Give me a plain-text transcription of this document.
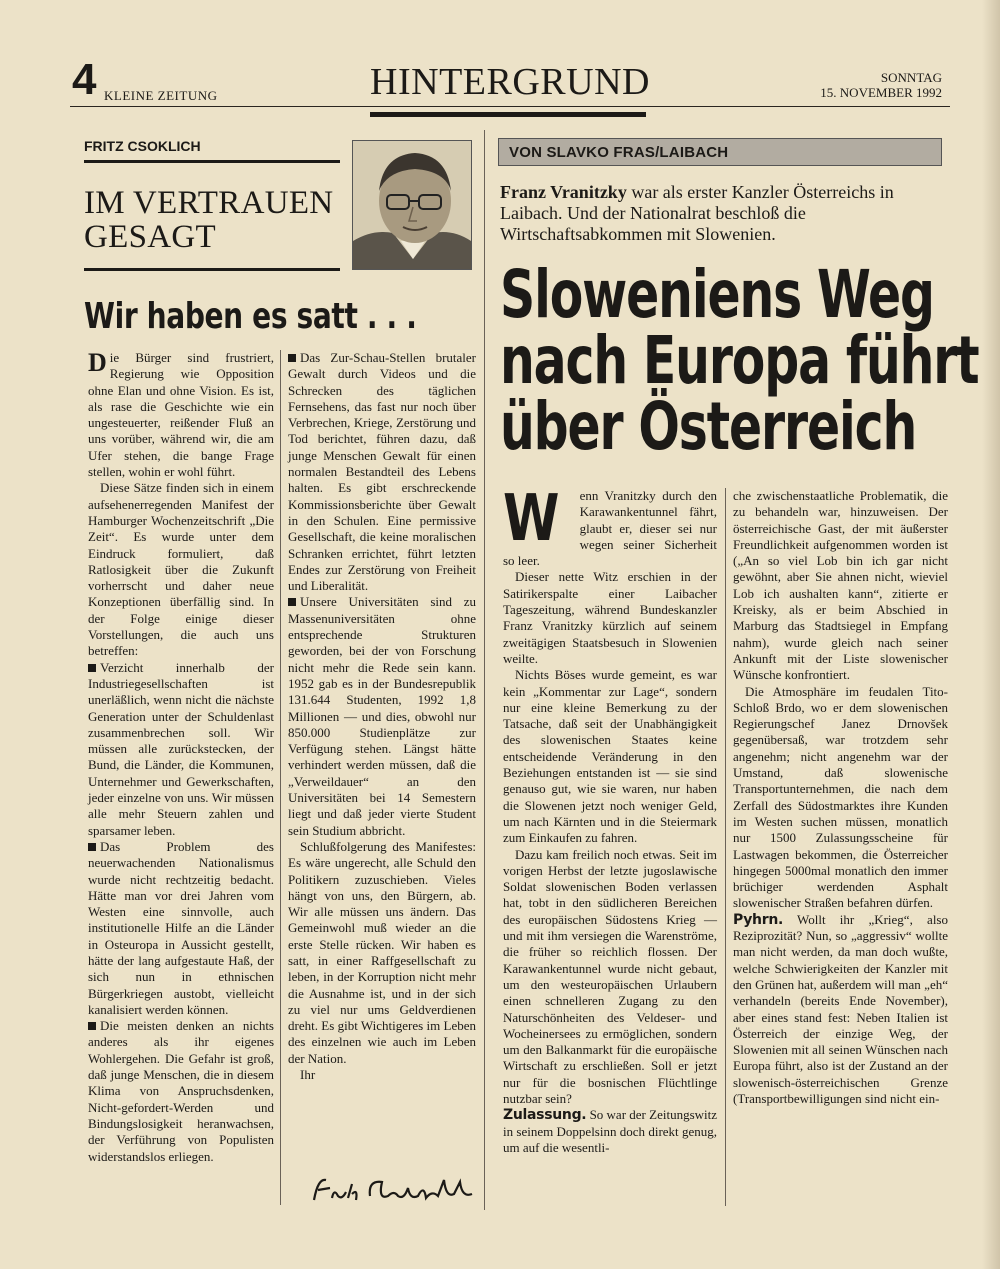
4 KLEINE ZEITUNG	HINTERGRUND	SONNTAG
15. NOVEMBER 1992
FRITZ CSOKLICH
IM VERTRAUEN
GESAGT
Wir haben es satt . . .

Die Bürger sind frustriert, Regierung wie Opposition ohne Elan und ohne Vision. Es ist, als rase die Geschichte wie ein ungesteuerter, reißender Fluß an uns vorüber, während wir, die am Ufer stehen, die bange Frage stellen, wohin er wohl führt.

Diese Sätze finden sich in einem aufsehenerregenden Manifest der Hamburger Wochenzeitschrift „Die Zeit“. Es wurde unter dem Eindruck formuliert, daß Ratlosigkeit über die Zukunft vorherrscht und daher neue Konzeptionen überfällig sind. In der Folge einige dieser Vorstellungen, die auch uns betreffen:

Verzicht innerhalb der Industriegesellschaften ist unerläßlich, wenn nicht die nächste Generation unter der Schuldenlast zusammenbrechen soll. Wir müssen alle zurückstecken, der Bund, die Länder, die Kommunen, Unternehmer und Gewerkschaften, jeder einzelne von uns. Wir müssen alle mehr Steuern zahlen und sparsamer leben.

Das Problem des neuerwachenden Nationalismus wurde nicht rechtzeitig bedacht. Hätte man vor drei Jahren vom Westen eine sinnvolle, auch institutionelle Hilfe an die Länder in Osteuropa in Aussicht gestellt, hätte der lang aufgestaute Haß, der sich nun in ethnischen Bürgerkriegen austobt, vielleicht kanalisiert werden können.

Die meisten denken an nichts anderes als ihr eigenes Wohlergehen. Die Gefahr ist groß, daß junge Menschen, die in diesem Klima von Anspruchsdenken, Nicht-gefordert-Werden und Bindungslosigkeit heranwachsen, der Verführung von Populisten widerstandslos erliegen.

Das Zur-Schau-Stellen brutaler Gewalt durch Videos und die Schrecken des täglichen Fernsehens, das fast nur noch über Verbrechen, Kriege, Zerstörung und Tod berichtet, führen dazu, daß junge Menschen Gewalt für einen normalen Bestandteil des Lebens halten. Es gibt erschreckende Kommissionsberichte über Gewalt in den Schulen. Eine permissive Gesellschaft, die keine moralischen Schranken errichtet, führt letzten Endes zur Zerstörung von Freiheit und Liberalität.

Unsere Universitäten sind zu Massenuniversitäten ohne entsprechende Strukturen geworden, bei der von Forschung nicht mehr die Rede sein kann. 1952 gab es in der Bundesrepublik 131.644 Studenten, 1992 1,8 Millionen — und dies, obwohl nur 850.000 Studienplätze zur Verfügung stehen. Längst hätte verhindert werden müssen, daß die „Verweildauer“ an den Universitäten bei 14 Semestern liegt und daß jeder vierte Student sein Studium abbricht.

Schlußfolgerung des Manifestes: Es wäre ungerecht, alle Schuld den Politikern zuzuschieben. Vieles hängt von uns, den Bürgern, ab. Wir alle müssen uns ändern. Das Gemeinwohl muß wieder an die erste Stelle rücken. Wir haben es satt, in einer Raffgesellschaft zu leben, in der Korruption nicht mehr die Ausnahme ist, und in der sich zu viel nur ums Geldverdienen dreht. Es gibt Wichtigeres im Leben des einzelnen wie auch im Leben der Nation.

Ihr

VON SLAVKO FRAS/LAIBACH
Franz Vranitzky war als erster Kanzler Österreichs in Laibach. Und der Nationalrat beschloß die Wirtschaftsabkommen mit Slowenien.
Sloweniens Weg
nach Europa führt
über Österreich

W enn Vranitzky durch den Karawankentunnel fährt, glaubt er, dieser sei nur wegen seiner Sicherheit so leer.

Dieser nette Witz erschien in der Satirikerspalte einer Laibacher Tageszeitung, während Bundeskanzler Franz Vranitzky kürzlich auf seinem zweitägigen Staatsbesuch in Slowenien weilte.

Nichts Böses wurde gemeint, es war kein „Kommentar zur Lage“, sondern nur eine kleine Bemerkung zu der Tatsache, daß seit der Unabhängigkeit des slowenischen Staates keine entscheidende Veränderung in den Beziehungen entstanden ist — sie sind genauso gut, wie sie waren, nur haben die Slowenen jetzt noch weniger Geld, um nach Kärnten und in die Steiermark zum Einkaufen zu fahren.

Dazu kam freilich noch etwas. Seit im vorigen Herbst der letzte jugoslawische Soldat slowenischen Boden verlassen hat, tobt in den südlicheren Bereichen des europäischen Südostens Krieg — und mit ihm versiegen die Warenströme, die früher so reichlich flossen. Der Karawankentunnel wurde nicht gebaut, um den westeuropäischen Urlaubern einen schnelleren Zugang zu den Naturschönheiten des Veldeser- und Wocheinersees zu ermöglichen, sondern um den Balkanmarkt für die europäische Wirtschaft zu erschließen. Soll er jetzt nur für die bosnischen Flüchtlinge nutzbar sein?

Zulassung. So war der Zeitungswitz in seinem Doppelsinn doch direkt genug, um auf die wesentli-

che zwischenstaatliche Problematik, die zu behandeln war, hinzuweisen. Der österreichische Gast, der mit äußerster Freundlichkeit aufgenommen worden ist („An so viel Lob bin ich gar nicht gewöhnt, aber Sie ahnen nicht, wieviel Lob ich aushalten kann“, zitierte er Kreisky, als er beim Abschied in Marburg das Stadtsiegel in Empfang nahm), wurde gleich nach seiner Ankunft mit der Liste slowenischer Wünsche konfrontiert.

Die Atmosphäre im feudalen Tito-Schloß Brdo, wo er dem slowenischen Regierungschef Janez Drnovšek gegenübersaß, war trotzdem sehr angenehm; nicht angenehm war der Umstand, daß slowenische Transportunternehmen, die nach dem Zerfall des Südostmarktes ihre Kunden im Westen suchen müssen, monatlich nur 1500 Zulassungsscheine für Lastwagen bekommen, die Österreicher hingegen 5000mal monatlich den immer brüchiger werdenden Asphalt slowenischer Straßen befahren dürfen.

Pyhrn. Wollt ihr „Krieg“, also Reziprozität? Nun, so „aggressiv“ wollte man nicht werden, da man doch wußte, welche Schwierigkeiten der Kanzler mit den Grünen hat, außerdem will man „eh“ verhandeln (bereits Ende November), aber eines stand fest: Neben Italien ist Österreich der einzige Weg, der Slowenien mit all seinen Wünschen nach Europa führt, also ist der Zustand an der slowenisch-österreichischen Grenze (Transportbewilligungen sind nicht ein-
